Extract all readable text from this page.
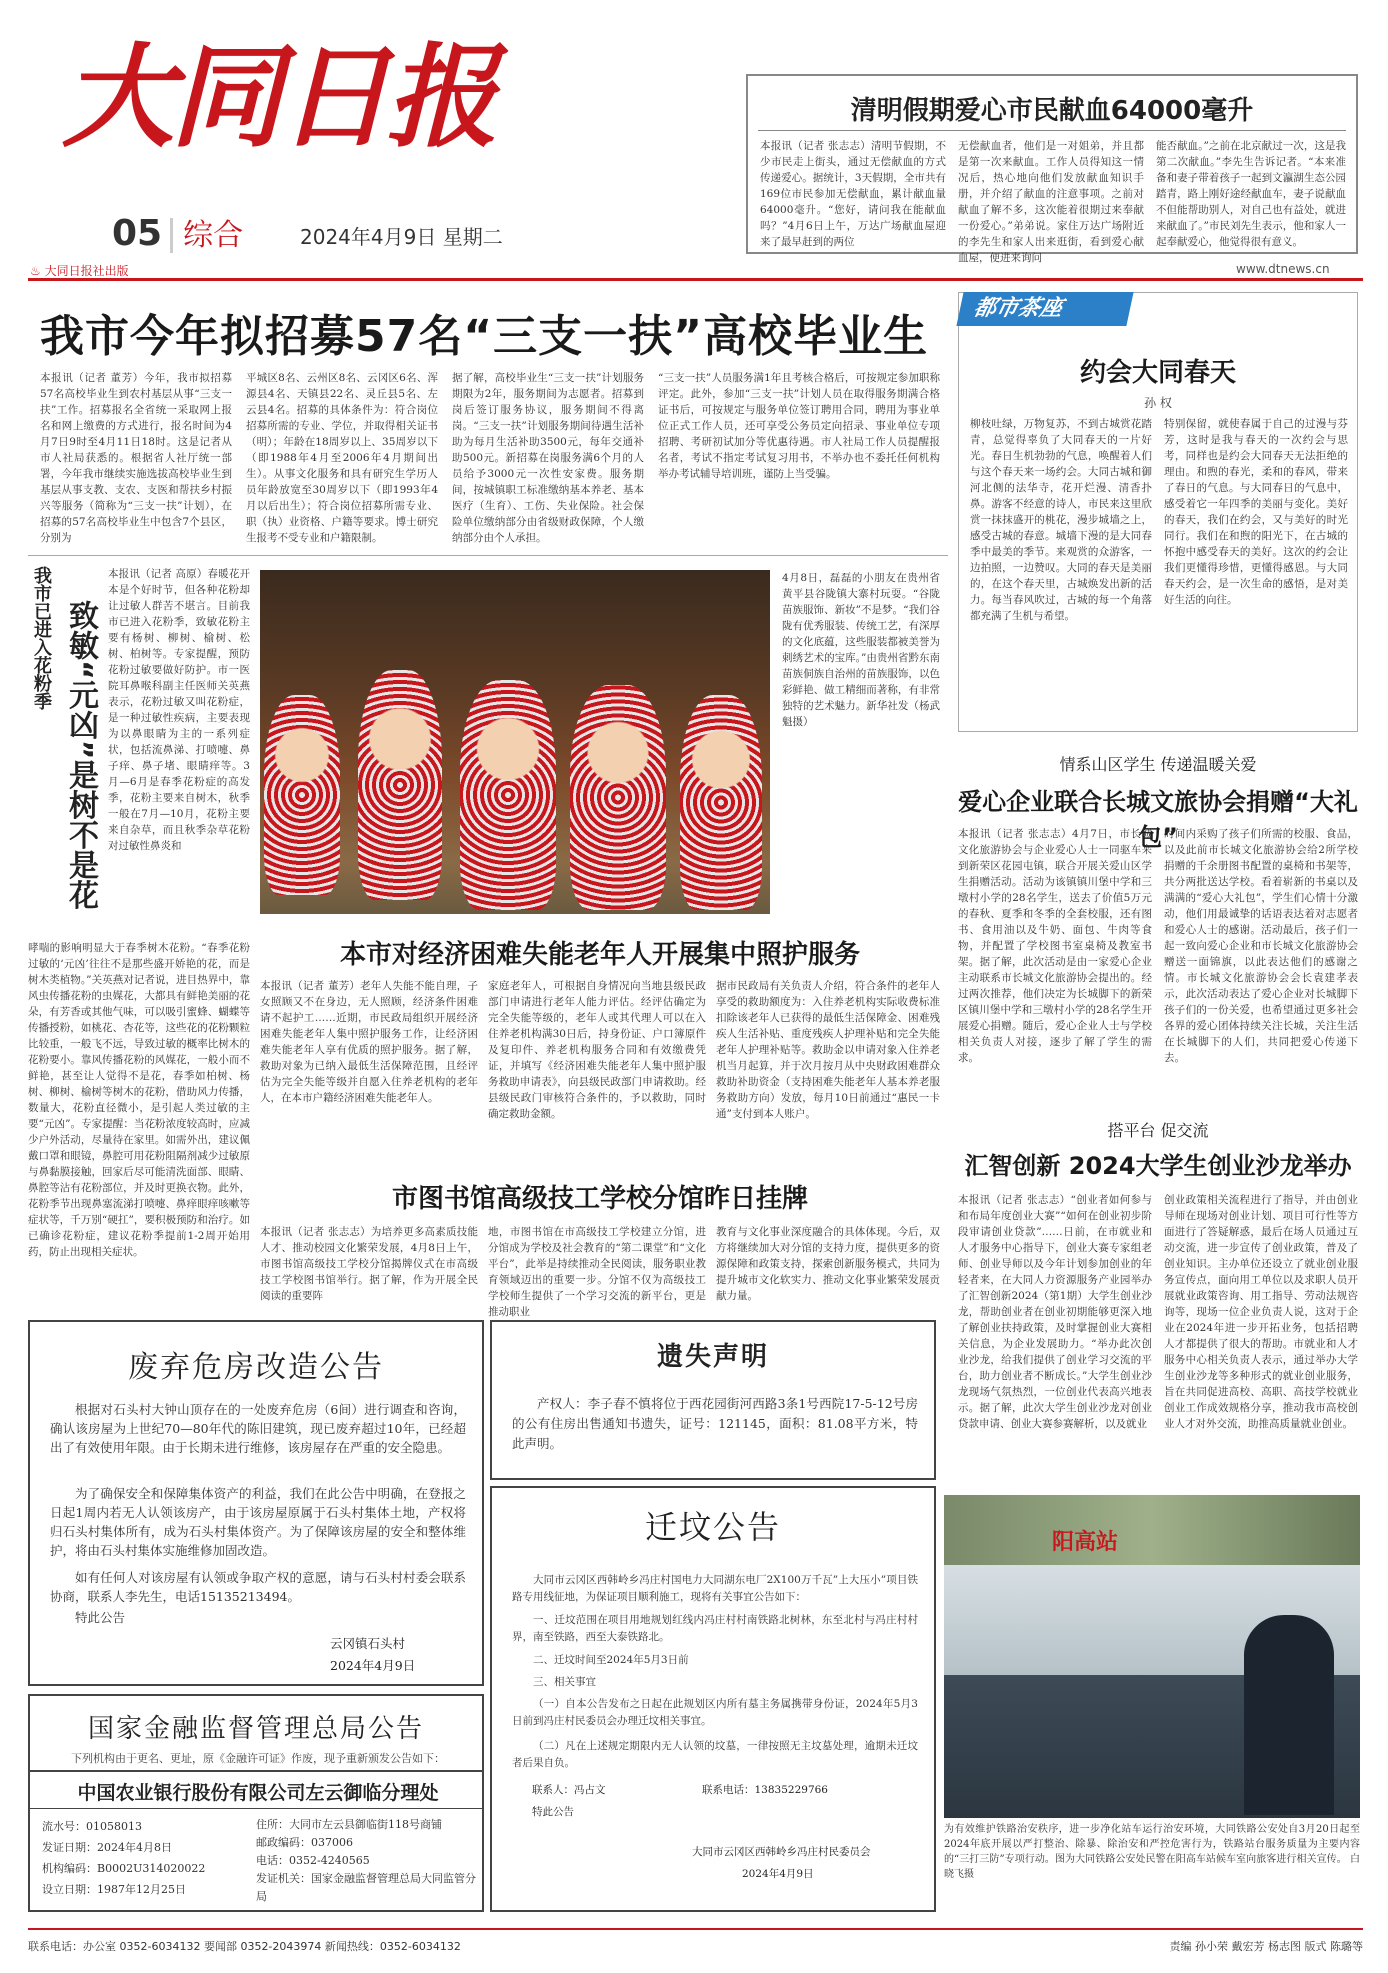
大同日报
05 综合	2024年4月9日 星期二
♨ 大同日报社出版	www.dtnews.cn
清明假期爱心市民献血64000毫升
本报讯（记者 张志志）清明节假期，不少市民走上街头，通过无偿献血的方式传递爱心。据统计，3天假期，全市共有169位市民参加无偿献血，累计献血量64000毫升。“您好，请问我在能献血吗？”4月6日上午，万达广场献血屋迎来了最早赶到的两位
无偿献血者，他们是一对姐弟，并且都是第一次来献血。工作人员得知这一情况后，热心地向他们发放献血知识手册，并介绍了献血的注意事项。之前对献血了解不多，这次能着很期过来奉献一份爱心。”弟弟说。家住万达广场附近的李先生和家人出来逛街，看到爱心献血屋，便进来询问
能否献血。”之前在北京献过一次，这是我第二次献血。”李先生告诉记者。“本来准备和妻子带着孩子一起到文瀛湖生态公园踏青，路上刚好途经献血车，妻子说献血不但能帮助别人，对自己也有益处，就进来献血了。”市民刘先生表示，他和家人一起奉献爱心，他觉得很有意义。
我市今年拟招募57名“三支一扶”高校毕业生
本报讯（记者 董芳）今年，我市拟招募57名高校毕业生到农村基层从事“三支一扶”工作。招募报名全省统一采取网上报名和网上缴费的方式进行，报名时间为4月7日9时至4月11日18时。这是记者从市人社局获悉的。根据省人社厅统一部署，今年我市继续实施选拔高校毕业生到基层从事支教、支农、支医和帮扶乡村振兴等服务（简称为“三支一扶”计划），在招募的57名高校毕业生中包含7个县区，分别为
平城区8名、云州区8名、云冈区6名、浑源县4名、天镇县22名、灵丘县5名、左云县4名。招募的具体条件为：符合岗位招募所需的专业、学位，并取得相关证书（明）；年龄在18周岁以上、35周岁以下（即1988年4月至2006年4月期间出生）。从事文化服务和具有研究生学历人员年龄放宽至30周岁以下（即1993年4月以后出生）；符合岗位招募所需专业、职（执）业资格、户籍等要求。博士研究生报考不受专业和户籍限制。
据了解，高校毕业生“三支一扶”计划服务期限为2年，服务期间为志愿者。招募到岗后签订服务协议，服务期间不得离岗。“三支一扶”计划服务期间待遇生活补助为每月生活补助3500元，每年交通补助500元。新招募在岗服务满6个月的人员给予3000元一次性安家费。服务期间，按城镇职工标准缴纳基本养老、基本医疗（生育）、工伤、失业保险。社会保险单位缴纳部分由省级财政保障，个人缴纳部分由个人承担。
“三支一扶”人员服务满1年且考核合格后，可按规定参加职称评定。此外，参加“三支一扶”计划人员在取得服务期满合格证书后，可按规定与服务单位签订聘用合同，聘用为事业单位正式工作人员，还可享受公务员定向招录、事业单位专项招聘、考研初试加分等优惠待遇。市人社局工作人员提醒报名者，考试不指定考试复习用书，不举办也不委托任何机构举办考试辅导培训班，谨防上当受骗。
都市茶座
约会大同春天
孙 权
柳枝吐绿，万物复苏，不到古城赏花踏青，总觉得辜负了大同春天的一片好光。春日生机勃勃的气息，唤醒着人们与这个春天来一场约会。大同古城和御河北侧的法华寺，花开烂漫、清香扑鼻。游客不经意的诗人，市民来这里欣赏一抹抹盛开的桃花，漫步城墙之上，感受古城的春意。城墙下漫的是大同春季中最美的季节。来观赏的众游客，一边拍照，一边赞叹。大同的春天是美丽的，在这个春天里，古城焕发出新的活力。每当春风吹过，古城的每一个角落都充满了生机与希望。
特别保留，就使春属于自己的过漫与芬芳，这时是我与春天的一次约会与思考，同样也是约会大同春天无法拒绝的理由。和煦的春光，柔和的春风，带来了春日的气息。与大同春日的气息中，感受着它一年四季的美丽与变化。美好的春天，我们在约会，又与美好的时光同行。我们在和煦的阳光下，在古城的怀抱中感受春天的美好。这次的约会让我们更懂得珍惜，更懂得感恩。与大同春天约会，是一次生命的感悟，是对美好生活的向往。
我市已进入花粉季 致敏“元凶”是树不是花
本报讯（记者 高原）春暖花开本是个好时节，但各种花粉却让过敏人群苦不堪言。目前我市已进入花粉季，致敏花粉主要有杨树、柳树、榆树、松树、柏树等。专家提醒，预防花粉过敏要做好防护。市一医院耳鼻喉科副主任医师关英燕表示，花粉过敏又叫花粉症，是一种过敏性疾病，主要表现为以鼻眼睛为主的一系列症状，包括流鼻涕、打喷嚏、鼻子痒、鼻子堵、眼睛痒等。3月—6月是春季花粉症的高发季，花粉主要来自树木，秋季一般在7月—10月，花粉主要来自杂草，而且秋季杂草花粉对过敏性鼻炎和
哮喘的影响明显大于春季树木花粉。“春季花粉过敏的‘元凶’往往不是那些盛开娇艳的花，而是树木类植物。”关英燕对记者说，进目热界中，靠风虫传播花粉的虫媒花，大都具有鲜艳美丽的花朵，有芳香或其他气味，可以吸引蜜蜂、蝴蝶等传播授粉，如桃花、杏花等，这些花的花粉颗粒比较重，一般飞不远，导致过敏的概率比树木的花粉要小。靠风传播花粉的风媒花，一般小而不鲜艳，甚至让人觉得不是花，春季如柏树、杨树、柳树、榆树等树木的花粉，借助风力传播，数量大，花粉直径微小，是引起人类过敏的主要“元凶”。专家提醒：当花粉浓度较高时，应减少户外活动，尽量待在家里。如需外出，建议佩戴口罩和眼镜，鼻腔可用花粉阻隔剂减少过敏原与鼻黏膜接触，回家后尽可能清洗面部、眼睛、鼻腔等沾有花粉部位，并及时更换衣物。此外，花粉季节出现鼻塞流涕打喷嚏、鼻痒眼痒咳嗽等症状等，千万别“硬扛”，要积极预防和治疗。如已确诊花粉症，建议花粉季提前1-2周开始用药，防止出现相关症状。
4月8日，磊磊的小朋友在贵州省黄平县谷陇镇大寨村玩耍。“谷陇苗族服饰、新妆”不是梦。“我们谷陇有优秀服装、传统工艺，有深厚的文化底蕴，这些服装都被美誉为刺绣艺术的宝库。”由贵州省黔东南苗族侗族自治州的苗族服饰，以色彩鲜艳、做工精细而著称，有非常独特的艺术魅力。新华社发（杨武魁摄）
本市对经济困难失能老年人开展集中照护服务
本报讯（记者 董芳）老年人失能不能自理，子女照顾又不在身边，无人照顾，经济条件困难请不起护工……近期，市民政局组织开展经济困难失能老年人集中照护服务工作，让经济困难失能老年人享有优质的照护服务。据了解，救助对象为已纳入最低生活保障范围，且经评估为完全失能等级并自愿入住养老机构的老年人，在本市户籍经济困难失能老年人。
家庭老年人，可根据自身情况向当地县级民政部门申请进行老年人能力评估。经评估确定为完全失能等级的，老年人或其代理人可以在入住养老机构满30日后，持身份证、户口簿原件及复印件、养老机构服务合同和有效缴费凭证，并填写《经济困难失能老年人集中照护服务救助申请表》，向县级民政部门申请救助。经县级民政门审核符合条件的，予以救助，同时确定救助金额。
据市民政局有关负责人介绍，符合条件的老年人享受的救助额度为：入住养老机构实际收费标准扣除该老年人已获得的最低生活保障金、困难残疾人生活补贴、重度残疾人护理补贴和完全失能老年人护理补贴等。救助金以申请对象入住养老机当月起算，并于次月按月从中央财政困难群众救助补助资金（支持困难失能老年人基本养老服务救助方向）发放，每月10日前通过“惠民一卡通”支付到本人账户。
市图书馆高级技工学校分馆昨日挂牌
本报讯（记者 张志志）为培养更多高素质技能人才、推动校园文化繁荣发展，4月8日上午，市图书馆高级技工学校分馆揭牌仪式在市高级技工学校图书馆举行。据了解，作为开展全民阅读的重要阵
地，市图书馆在市高级技工学校建立分馆，进分馆成为学校及社会教育的“第二课堂”和“文化平台”，此举是持续推动全民阅读，服务职业教育领域迈出的重要一步。分馆不仅为高级技工学校师生提供了一个学习交流的新平台，更是推动职业
教育与文化事业深度融合的具体体现。今后，双方将继续加大对分馆的支持力度，提供更多的资源保障和政策支持，探索创新服务模式，共同为提升城市文化软实力、推动文化事业繁荣发展贡献力量。
情系山区学生 传递温暖关爱
爱心企业联合长城文旅协会捐赠“大礼包”
本报讯（记者 张志志）4月7日，市长城文化旅游协会与企业爱心人士一同驱车来到新荣区花园屯镇，联合开展关爱山区学生捐赠活动。活动为该镇镇川堡中学和三墩村小学的28名学生，送去了价值5万元的春秋、夏季和冬季的全套校服，还有图书、食用油以及牛奶、面包、牛肉等食物，并配置了学校图书室桌椅及教室书架。据了解，此次活动是由一家爱心企业主动联系市长城文化旅游协会提出的。经过两次推荐，他们决定为长城脚下的新荣区镇川堡中学和三墩村小学的28名学生开展爱心捐赠。随后，爱心企业人士与学校相关负责人对接，逐步了解了学生的需求。
时间内采购了孩子们所需的校服、食品，以及此前市长城文化旅游协会给2所学校捐赠的千余册图书配置的桌椅和书架等，共分两批送达学校。看着崭新的书桌以及满满的“爱心大礼包”，学生们心情十分激动，他们用最诚挚的话语表达着对志愿者和爱心人士的感谢。活动最后，孩子们一起一致向爱心企业和市长城文化旅游协会赠送一面锦旗，以此表达他们的感谢之情。市长城文化旅游协会会长袁建孝表示，此次活动表达了爱心企业对长城脚下孩子们的一份关爱，也希望通过更多社会各界的爱心团体持续关注长城，关注生活在长城脚下的人们，共同把爱心传递下去。
搭平台 促交流
汇智创新 2024大学生创业沙龙举办
本报讯（记者 张志志）“创业者如何参与和布局年度创业大赛”“如何在创业初步阶段审请创业贷款”……日前，在市就业和人才服务中心指导下，创业大赛专家组老师、创业导师以及今年计划参加创业的年轻者来，在大同人力资源服务产业园举办了汇智创新2024（第1期）大学生创业沙龙，帮助创业者在创业初期能够更深入地了解创业扶持政策，及时掌握创业大赛相关信息，为企业发展助力。“举办此次创业沙龙，给我们提供了创业学习交流的平台，助力创业者不断成长。”大学生创业沙龙现场气氛热烈，一位创业代表高兴地表示。据了解，此次大学生创业沙龙对创业贷款申请、创业大赛参赛解析，以及就业
创业政策相关流程进行了指导，并由创业导师在现场对创业计划、项目可行性等方面进行了答疑解惑，最后在场人员通过互动交流，进一步宣传了创业政策，普及了创业知识。主办单位还设立了就业创业服务宣传点，面向用工单位以及求职人员开展就业政策咨询、用工指导、劳动法规咨询等，现场一位企业负责人说，这对于企业在2024年进一步开拓业务，包括招聘人才都提供了很大的帮助。市就业和人才服务中心相关负责人表示，通过举办大学生创业沙龙等多种形式的就业创业服务，旨在共同促进高校、高职、高技学校就业创业工作成效规格分享，推动我市高校创业人才对外交流，助推高质量就业创业。
阳高站
为有效维护铁路治安秩序，进一步净化站车运行治安环境，大同铁路公安处自3月20日起至2024年底开展以严打整治、除暴、除治安和严控危害行为，铁路站台服务质量为主要内容的“三打三防”专项行动。图为大同铁路公安处民警在阳高车站候车室向旅客进行相关宣传。 白晓飞摄
废弃危房改造公告
根据对石头村大钟山顶存在的一处废弃危房（6间）进行调查和咨询，确认该房屋为上世纪70—80年代的陈旧建筑，现已废弃超过10年，已经超出了有效使用年限。由于长期未进行维修，该房屋存在严重的安全隐患。
为了确保安全和保障集体资产的利益，我们在此公告中明确，在登报之日起1周内若无人认领该房产，由于该房屋原属于石头村集体土地，产权将归石头村集体所有，成为石头村集体资产。为了保障该房屋的安全和整体维护，将由石头村集体实施维修加固改造。
如有任何人对该房屋有认领或争取产权的意愿，请与石头村村委会联系协商，联系人李先生，电话15135213494。
特此公告
云冈镇石头村
2024年4月9日
遗失声明
产权人：李子春不慎将位于西花园街河西路3条1号西院17-5-12号房的公有住房出售通知书遗失，证号：121145，面积：81.08平方米，特此声明。
迁坟公告
大同市云冈区西韩岭乡冯庄村国电力大同湖东电厂2X100万千瓦”上大压小”项目铁路专用线征地，为保证项目顺利施工，现将有关事宜公告如下：
一、迁坟范围在项目用地规划红线内冯庄村村南铁路北树林，东至北村与冯庄村村界，南至铁路，西至大泰铁路北。
二、迁坟时间至2024年5月3日前
三、相关事宜
（一）自本公告发布之日起在此规划区内所有墓主务属携带身份证，2024年5月3日前到冯庄村民委员会办理迁坟相关事宜。
（二）凡在上述规定期限内无人认领的坟墓，一律按照无主坟墓处理，逾期未迁坟者后果自负。
联系人：冯占文	联系电话：13835229766
特此公告
大同市云冈区西韩岭乡冯庄村民委员会
2024年4月9日
国家金融监督管理总局公告
下列机构由于更名、更址，原《金融许可证》作废，现予重新颁发公告如下：
中国农业银行股份有限公司左云御临分理处
流水号：01058013
发证日期：2024年4月8日
机构编码：B0002U314020022
设立日期：1987年12月25日
住所：大同市左云县御临街118号商铺
邮政编码：037006
电话：0352-4240565
发证机关：国家金融监督管理总局大同监管分局
联系电话：办公室 0352-6034132 要闻部 0352-2043974 新闻热线：0352-6034132	责编 孙小荣 戴宏芳 杨志图 版式 陈璐等
